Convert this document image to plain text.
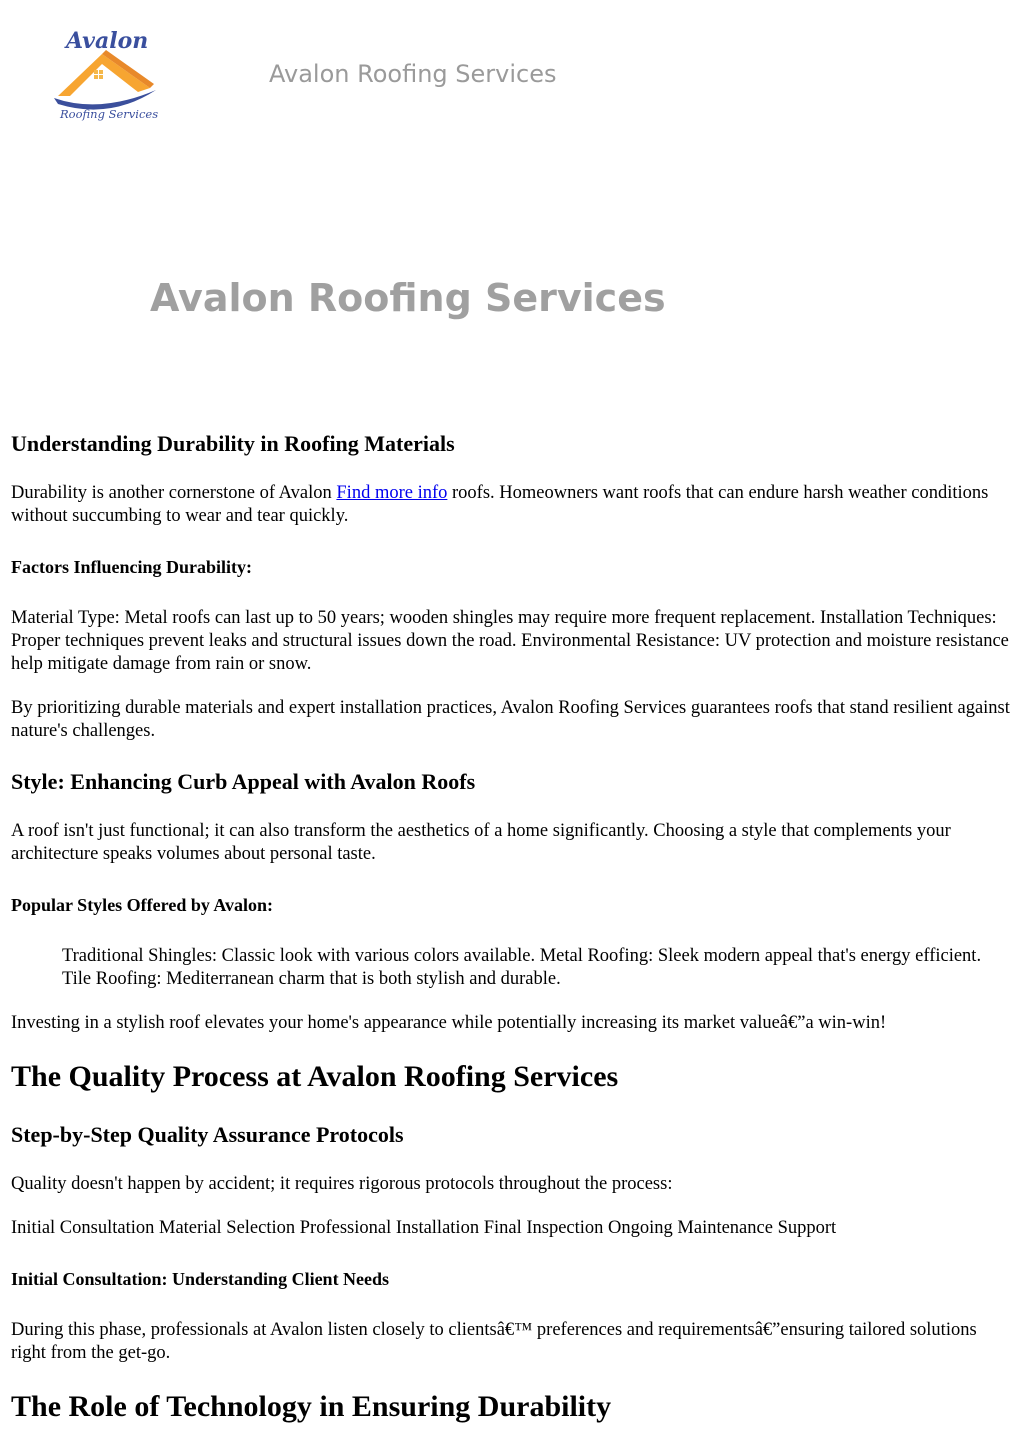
Avalon
Roofing Services
Avalon Roofing Services
Avalon Roofing Services
Understanding Durability in Roofing Materials
Durability is another cornerstone of Avalon Find more info roofs. Homeowners want roofs that can endure harsh weather conditions without succumbing to wear and tear quickly.
Factors Influencing Durability:
Material Type: Metal roofs can last up to 50 years; wooden shingles may require more frequent replacement. Installation Techniques: Proper techniques prevent leaks and structural issues down the road. Environmental Resistance: UV protection and moisture resistance help mitigate damage from rain or snow.
By prioritizing durable materials and expert installation practices, Avalon Roofing Services guarantees roofs that stand resilient against nature's challenges.
Style: Enhancing Curb Appeal with Avalon Roofs
A roof isn't just functional; it can also transform the aesthetics of a home significantly. Choosing a style that complements your architecture speaks volumes about personal taste.
Popular Styles Offered by Avalon:
Traditional Shingles: Classic look with various colors available. Metal Roofing: Sleek modern appeal that's energy efficient. Tile Roofing: Mediterranean charm that is both stylish and durable.
Investing in a stylish roof elevates your home's appearance while potentially increasing its market valueâ€”a win-win!
The Quality Process at Avalon Roofing Services
Step-by-Step Quality Assurance Protocols
Quality doesn't happen by accident; it requires rigorous protocols throughout the process:
Initial Consultation Material Selection Professional Installation Final Inspection Ongoing Maintenance Support
Initial Consultation: Understanding Client Needs
During this phase, professionals at Avalon listen closely to clientsâ€™ preferences and requirementsâ€”ensuring tailored solutions right from the get-go.
The Role of Technology in Ensuring Durability
